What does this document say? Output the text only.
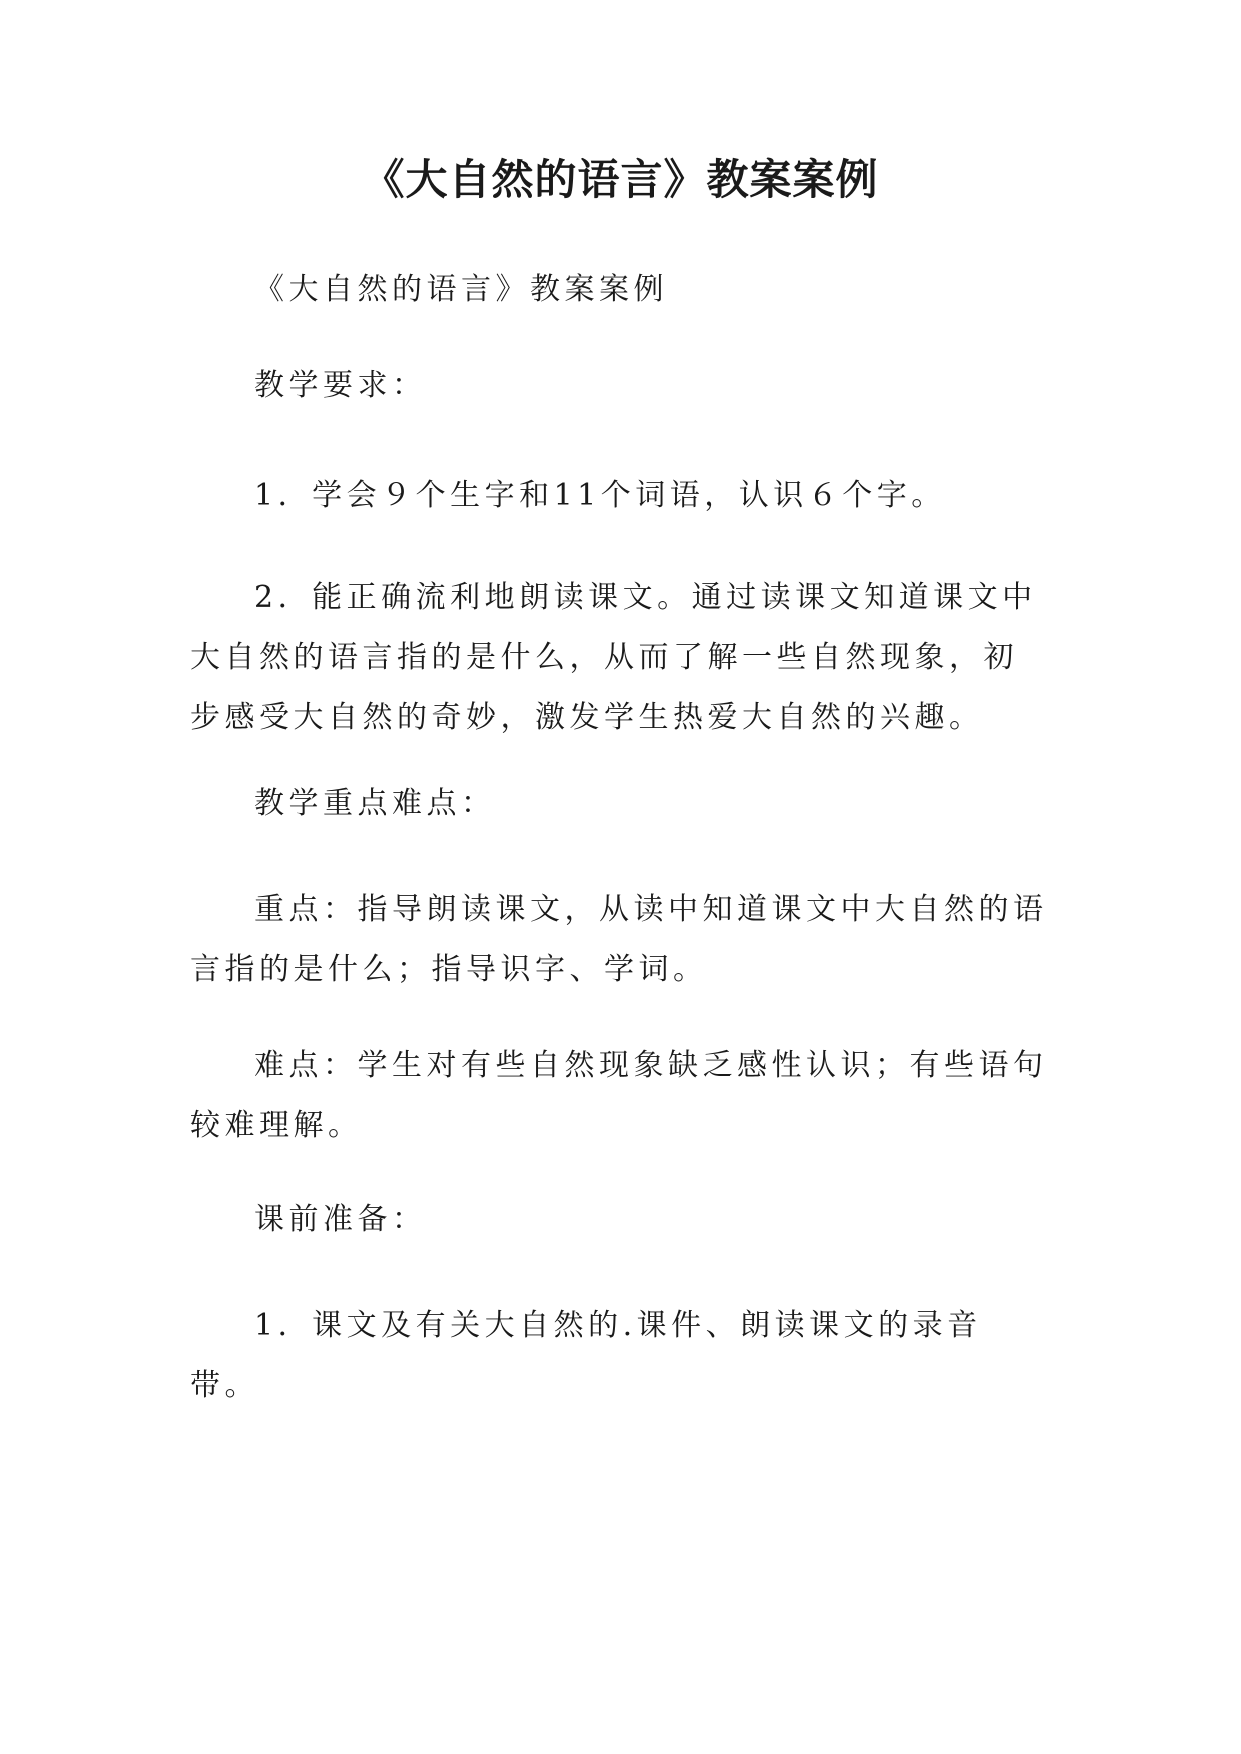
《大自然的语言》教案案例

《大自然的语言》教案案例

教学要求：

1．学会９个生字和11个词语，认识６个字。

2．能正确流利地朗读课文。通过读课文知道课文中大自然的语言指的是什么，从而了解一些自然现象，初步感受大自然的奇妙，激发学生热爱大自然的兴趣。

教学重点难点：

重点：指导朗读课文，从读中知道课文中大自然的语言指的是什么；指导识字、学词。

难点：学生对有些自然现象缺乏感性认识；有些语句较难理解。

课前准备：

1．课文及有关大自然的.课件、朗读课文的录音带。
